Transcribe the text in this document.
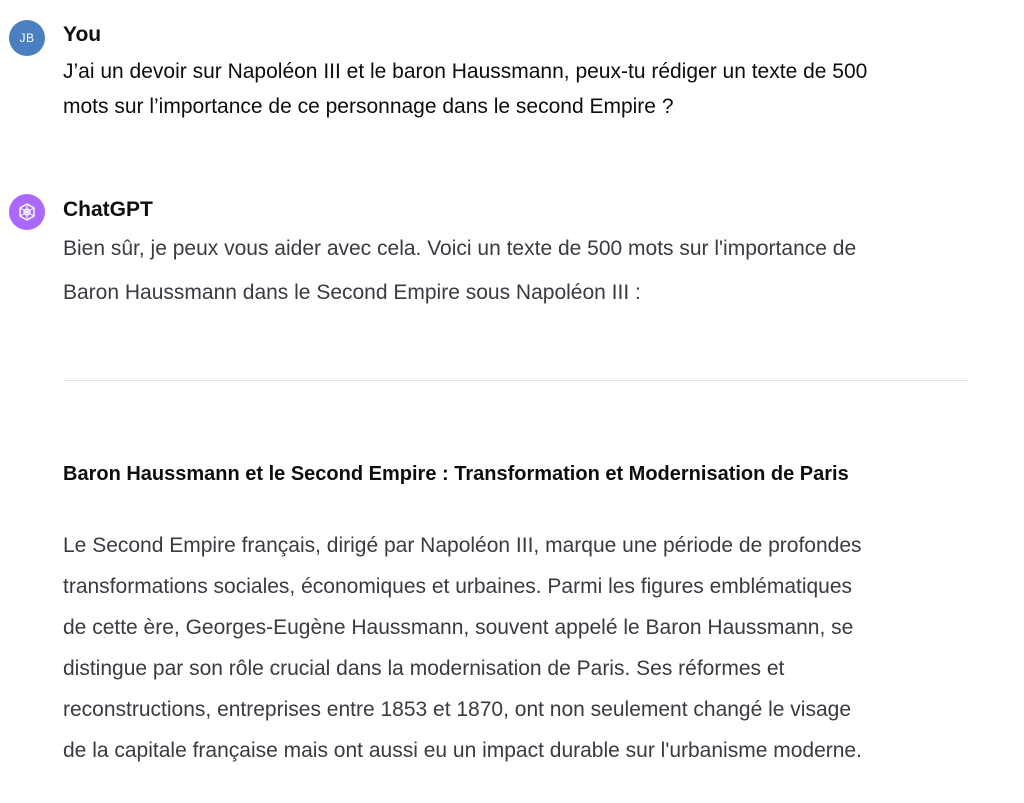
JB You
J’ai un devoir sur Napoléon III et le baron Haussmann, peux-tu rédiger un texte de 500
mots sur l’importance de ce personnage dans le second Empire ?
ChatGPT
Bien sûr, je peux vous aider avec cela. Voici un texte de 500 mots sur l'importance de
Baron Haussmann dans le Second Empire sous Napoléon III :
Baron Haussmann et le Second Empire : Transformation et Modernisation de Paris
Le Second Empire français, dirigé par Napoléon III, marque une période de profondes
transformations sociales, économiques et urbaines. Parmi les figures emblématiques
de cette ère, Georges-Eugène Haussmann, souvent appelé le Baron Haussmann, se
distingue par son rôle crucial dans la modernisation de Paris. Ses réformes et
reconstructions, entreprises entre 1853 et 1870, ont non seulement changé le visage
de la capitale française mais ont aussi eu un impact durable sur l'urbanisme moderne.
